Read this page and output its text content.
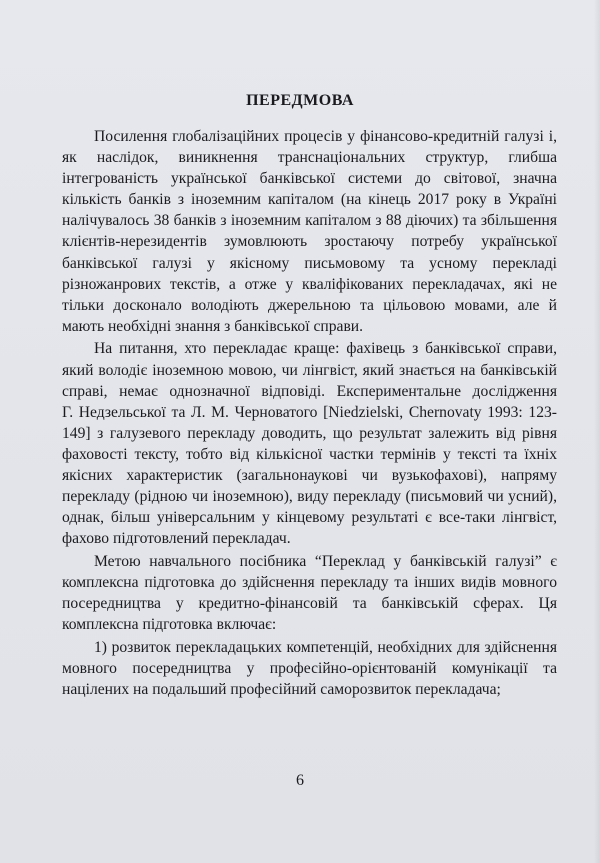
ПЕРЕДМОВА
Посилення глобалізаційних процесів у фінансово-кредитній галузі і,
як наслідок, виникнення транснаціональних структур, глибша
інтегрованість української банківської системи до світової, значна
кількість банків з іноземним капіталом (на кінець 2017 року в Україні
налічувалось 38 банків з іноземним капіталом з 88 діючих) та збільшення
клієнтів-нерезидентів зумовлюють зростаючу потребу української
банківської галузі у якісному письмовому та усному перекладі
різножанрових текстів, а отже у кваліфікованих перекладачах, які не
тільки досконало володіють джерельною та цільовою мовами, але й
мають необхідні знання з банківської справи.
На питання, хто перекладає краще: фахівець з банківської справи,
який володіє іноземною мовою, чи лінгвіст, який знається на банківській
справі, немає однозначної відповіді. Експериментальне дослідження
Г. Недзельської та Л. М. Черноватого [Niedzielski, Chernovaty 1993: 123-
149] з галузевого перекладу доводить, що результат залежить від рівня
фаховості тексту, тобто від кількісної частки термінів у тексті та їхніх
якісних характеристик (загальнонаукові чи вузькофахові), напряму
перекладу (рідною чи іноземною), виду перекладу (письмовий чи усний),
однак, більш універсальним у кінцевому результаті є все-таки лінгвіст,
фахово підготовлений перекладач.
Метою навчального посібника “Переклад у банківській галузі” є
комплексна підготовка до здійснення перекладу та інших видів мовного
посередництва у кредитно-фінансовій та банківській сферах. Ця
комплексна підготовка включає:
1) розвиток перекладацьких компетенцій, необхідних для здійснення
мовного посередництва у професійно-орієнтованій комунікації та
націлених на подальший професійний саморозвиток перекладача;
6
